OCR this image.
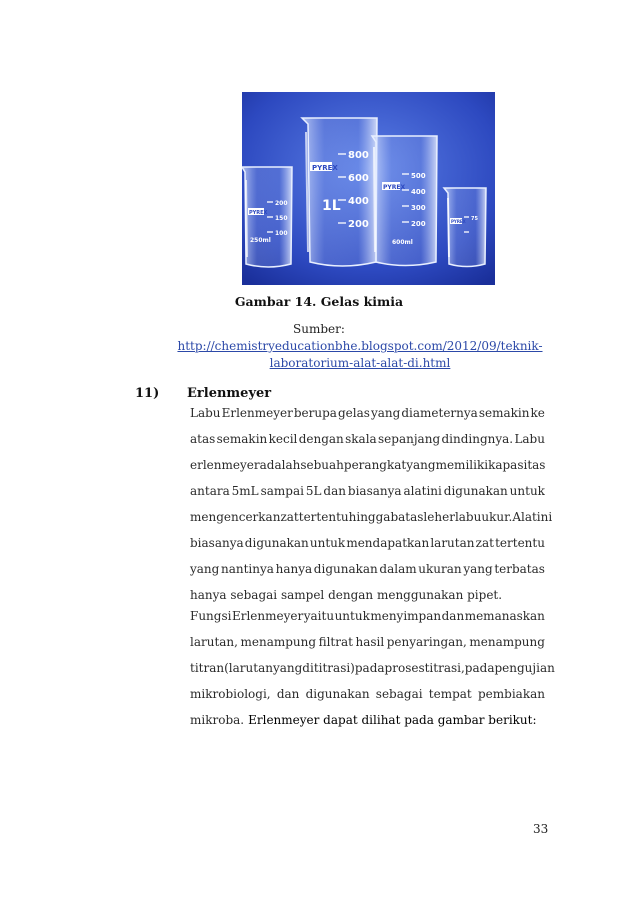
PYREX
800
600
1L 400
200
PYREX
500
400
300
200
600ml
PYREX
200
150
100
250ml
PYREX 75
Gambar 14. Gelas kimia
Sumber:
http://chemistryeducationbhe.blogspot.com/2012/09/teknik-
laboratorium-alat-alat-di.html
11) Erlenmeyer
Labu Erlenmeyer berupa gelas yang diameternya semakin ke
atas semakin kecil dengan skala sepanjang dindingnya. Labu
erlenmeyer adalah sebuah perangkat yang memiliki kapasitas
antara 5mL sampai 5L dan biasanya alatini digunakan untuk
mengencerkan zat tertentu hingga batas leher labu ukur. Alat ini
biasanya digunakan untuk mendapatkan larutan zat tertentu
yang nantinya hanya digunakan dalam ukuran yang terbatas
hanya sebagai sampel dengan menggunakan pipet.
Fungsi Erlenmeyer yaitu untuk menyimpan dan memanaskan
larutan, menampung filtrat hasil penyaringan, menampung
titran (larutan yang dititrasi) pada proses titrasi, pada pengujian
mikrobiologi, dan digunakan sebagai tempat pembiakan
mikroba. Erlenmeyer dapat dilihat pada gambar berikut:
33
